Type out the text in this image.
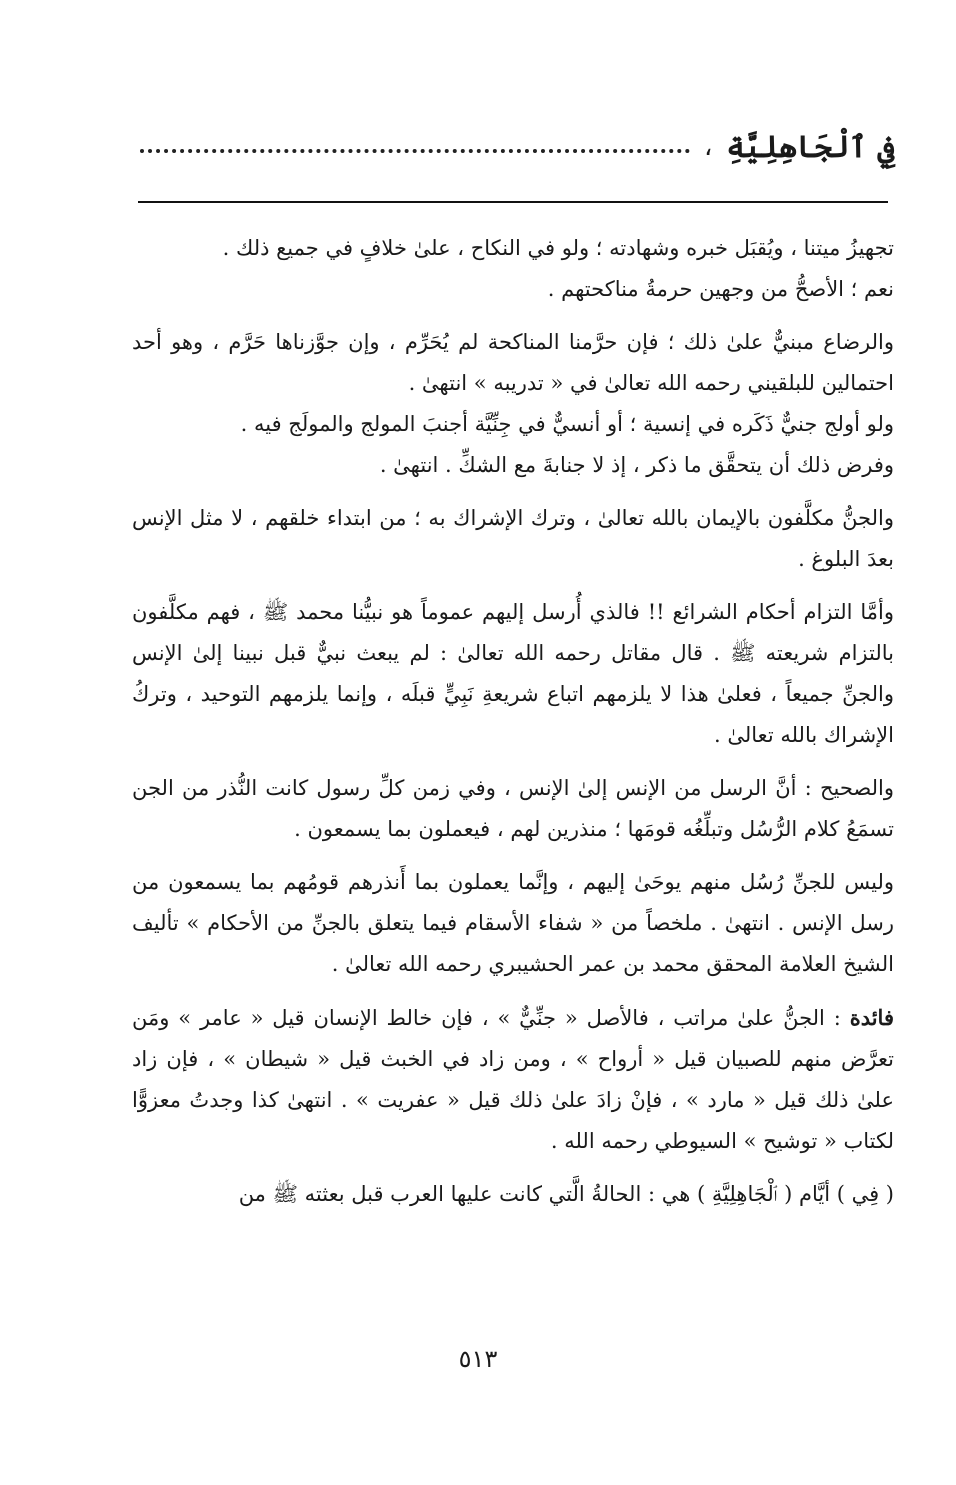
فِي ٱلْجَاهِلِيَّةِ
،

تجهيزُ ميتنا ، ويُقبَل خبره وشهادته ؛ ولو في النكاح ، علىٰ خلافٍ في جميع ذلك .

نعم ؛ الأصحُّ من وجهين حرمةُ مناكحتهم .

والرضاع مبنيٌّ علىٰ ذلك ؛ فإن حرَّمنا المناكحة لم يُحَرِّم ، وإن جوَّزناها حَرَّم ، وهو أحد احتمالين للبلقيني رحمه الله تعالىٰ في « تدريبه » انتهىٰ .

ولو أولج جنيٌّ ذَكَره في إنسية ؛ أو أنسيٌّ في جِنِّيَّة أجنبَ المولج والمولَج فيه .

وفرض ذلك أن يتحقَّق ما ذكر ، إذ لا جنابةَ مع الشكِّ . انتهىٰ .

والجنُّ مكلَّفون بالإيمان بالله تعالىٰ ، وترك الإشراك به ؛ من ابتداء خلقهم ، لا مثل الإنس بعدَ البلوغ .

وأمَّا التزام أحكام الشرائع !! فالذي أُرسل إليهم عموماً هو نبيُّنا محمد ﷺ ، فهم مكلَّفون بالتزام شريعته ﷺ . قال مقاتل رحمه الله تعالىٰ : لم يبعث نبيٌّ قبل نبينا إلىٰ الإنس والجنِّ جميعاً ، فعلىٰ هذا لا يلزمهم اتباع شريعةِ نَبِيٍّ قبلَه ، وإنما يلزمهم التوحيد ، وتركُ الإشراك بالله تعالىٰ .

والصحيح : أنَّ الرسل من الإنس إلىٰ الإنس ، وفي زمن كلِّ رسول كانت النُّذر من الجن تسمَعُ كلام الرُّسُل وتبلِّغُه قومَها ؛ منذرين لهم ، فيعملون بما يسمعون .

وليس للجنِّ رُسُل منهم يوحَىٰ إليهم ، وإنَّما يعملون بما أَنذرهم قومُهم بما يسمعون من رسل الإنس . انتهىٰ . ملخصاً من « شفاء الأسقام فيما يتعلق بالجنِّ من الأحكام » تأليف الشيخ العلامة المحقق محمد بن عمر الحشيبري رحمه الله تعالىٰ .

فائدة : الجنُّ علىٰ مراتب ، فالأصل « جنِّيٌّ » ، فإن خالط الإنسان قيل « عامر » ومَن تعرَّض منهم للصبيان قيل « أرواح » ، ومن زاد في الخبث قيل « شيطان » ، فإن زاد علىٰ ذلك قيل « مارد » ، فإنْ زادَ علىٰ ذلك قيل « عفريت » . انتهىٰ كذا وجدتُ معزوًّا لكتاب « توشيح » السيوطي رحمه الله .

( فِي ) أيَّام ( ٱلْجَاهِلِيَّةِ ) هي : الحالةُ الَّتي كانت عليها العرب قبل بعثته ﷺ من

٥١٣
